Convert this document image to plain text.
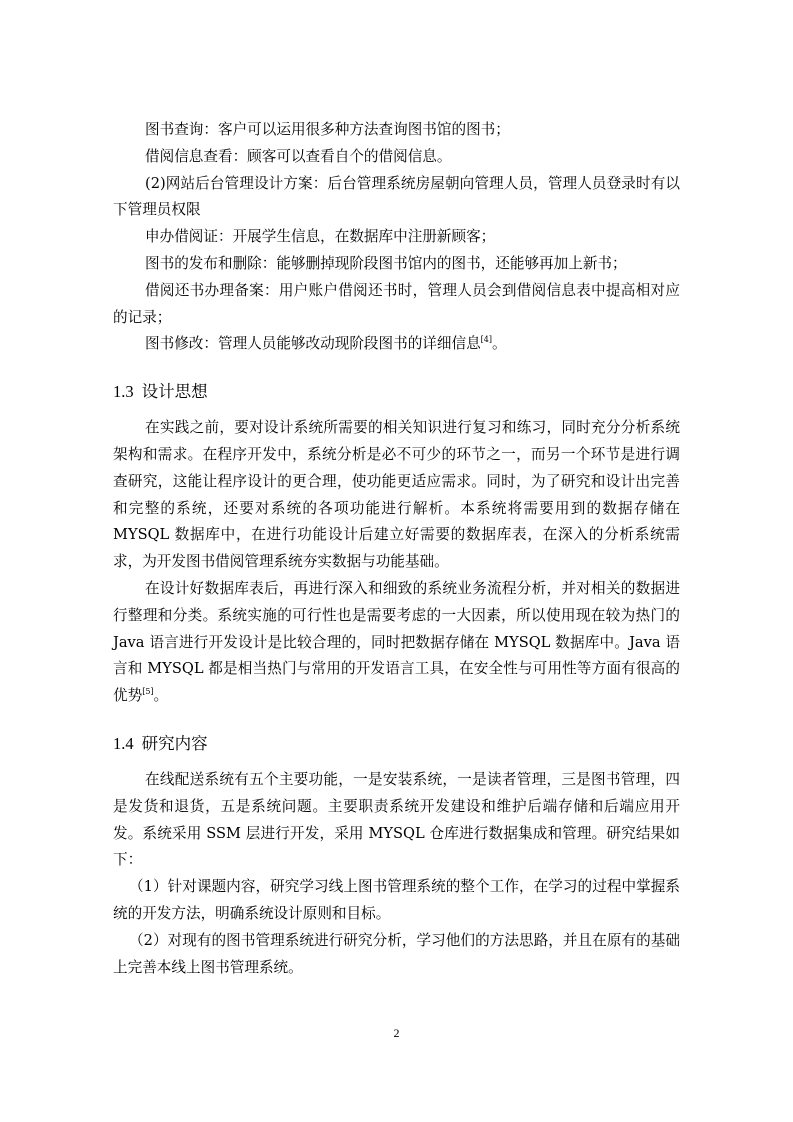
图书查询：客户可以运用很多种方法查询图书馆的图书；

借阅信息查看：顾客可以查看自个的借阅信息。

(2)网站后台管理设计方案：后台管理系统房屋朝向管理人员，管理人员登录时有以下管理员权限

申办借阅证：开展学生信息，在数据库中注册新顾客；

图书的发布和删除：能够删掉现阶段图书馆内的图书，还能够再加上新书；

借阅还书办理备案：用户账户借阅还书时，管理人员会到借阅信息表中提高相对应的记录；

图书修改：管理人员能够改动现阶段图书的详细信息[4]。

1.3 设计思想

在实践之前，要对设计系统所需要的相关知识进行复习和练习，同时充分分析系统架构和需求。在程序开发中，系统分析是必不可少的环节之一，而另一个环节是进行调查研究，这能让程序设计的更合理，使功能更适应需求。同时，为了研究和设计出完善和完整的系统，还要对系统的各项功能进行解析。本系统将需要用到的数据存储在 MYSQL 数据库中，在进行功能设计后建立好需要的数据库表，在深入的分析系统需求，为开发图书借阅管理系统夯实数据与功能基础。

在设计好数据库表后，再进行深入和细致的系统业务流程分析，并对相关的数据进行整理和分类。系统实施的可行性也是需要考虑的一大因素，所以使用现在较为热门的 Java 语言进行开发设计是比较合理的，同时把数据存储在 MYSQL 数据库中。Java 语言和 MYSQL 都是相当热门与常用的开发语言工具，在安全性与可用性等方面有很高的优势[5]。

1.4 研究内容

在线配送系统有五个主要功能，一是安装系统，一是读者管理，三是图书管理，四是发货和退货，五是系统问题。主要职责系统开发建设和维护后端存储和后端应用开发。系统采用 SSM 层进行开发，采用 MYSQL 仓库进行数据集成和管理。研究结果如下：

（1）针对课题内容，研究学习线上图书管理系统的整个工作，在学习的过程中掌握系统的开发方法，明确系统设计原则和目标。

（2）对现有的图书管理系统进行研究分析，学习他们的方法思路，并且在原有的基础上完善本线上图书管理系统。

2
